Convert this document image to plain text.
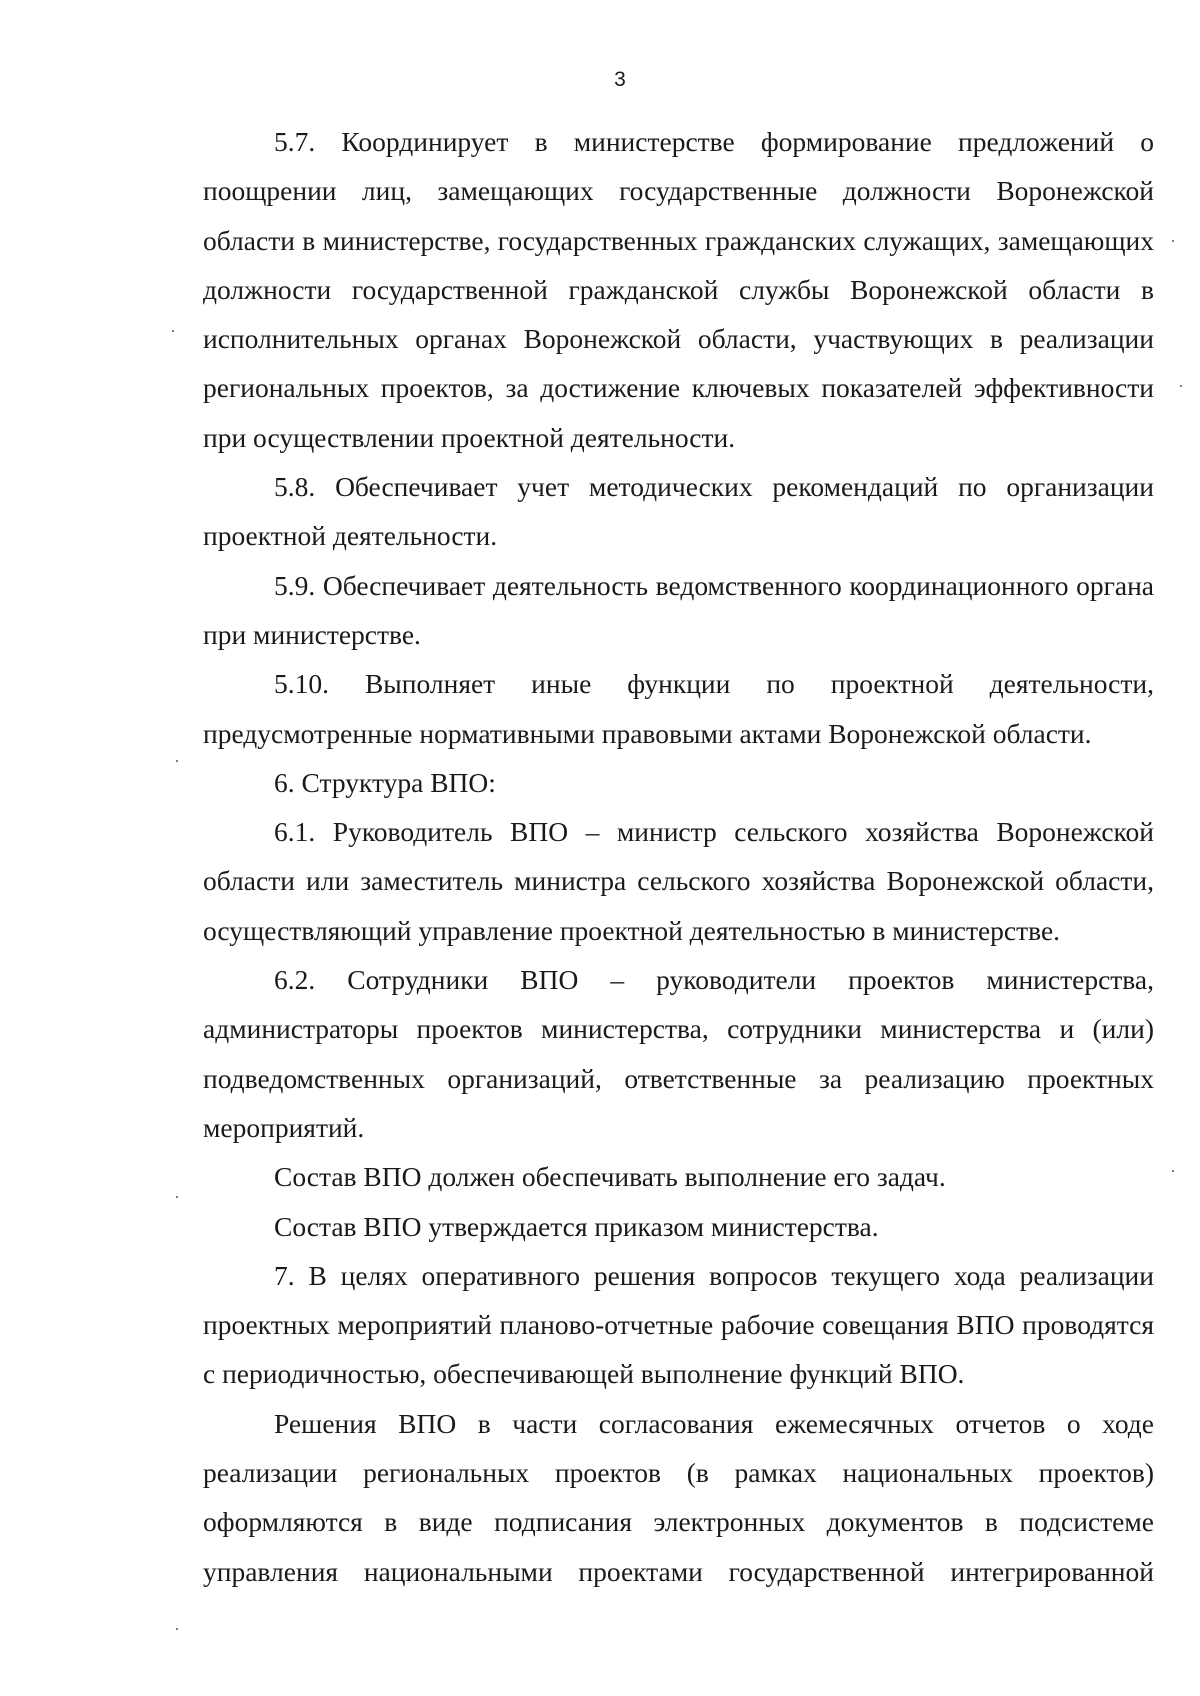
3

5.7. Координирует в министерстве формирование предложений о поощрении лиц, замещающих государственные должности Воронежской области в министерстве, государственных гражданских служащих, замещающих должности государственной гражданской службы Воронежской области в исполнительных органах Воронежской области, участвующих в реализации региональных проектов, за достижение ключевых показателей эффективности при осуществлении проектной деятельности.

5.8. Обеспечивает учет методических рекомендаций по организации проектной деятельности.

5.9. Обеспечивает деятельность ведомственного координационного органа при министерстве.

5.10. Выполняет иные функции по проектной деятельности, предусмотренные нормативными правовыми актами Воронежской области.

6. Структура ВПО:

6.1. Руководитель ВПО – министр сельского хозяйства Воронежской области или заместитель министра сельского хозяйства Воронежской области, осуществляющий управление проектной деятельностью в министерстве.

6.2. Сотрудники ВПО – руководители проектов министерства, администраторы проектов министерства, сотрудники министерства и (или) подведомственных организаций, ответственные за реализацию проектных мероприятий.

Состав ВПО должен обеспечивать выполнение его задач.

Состав ВПО утверждается приказом министерства.

7. В целях оперативного решения вопросов текущего хода реализации проектных мероприятий планово-отчетные рабочие совещания ВПО проводятся с периодичностью, обеспечивающей выполнение функций ВПО.

Решения ВПО в части согласования ежемесячных отчетов о ходе реализации региональных проектов (в рамках национальных проектов) оформляются в виде подписания электронных документов в подсистеме управления национальными проектами государственной интегрированной
